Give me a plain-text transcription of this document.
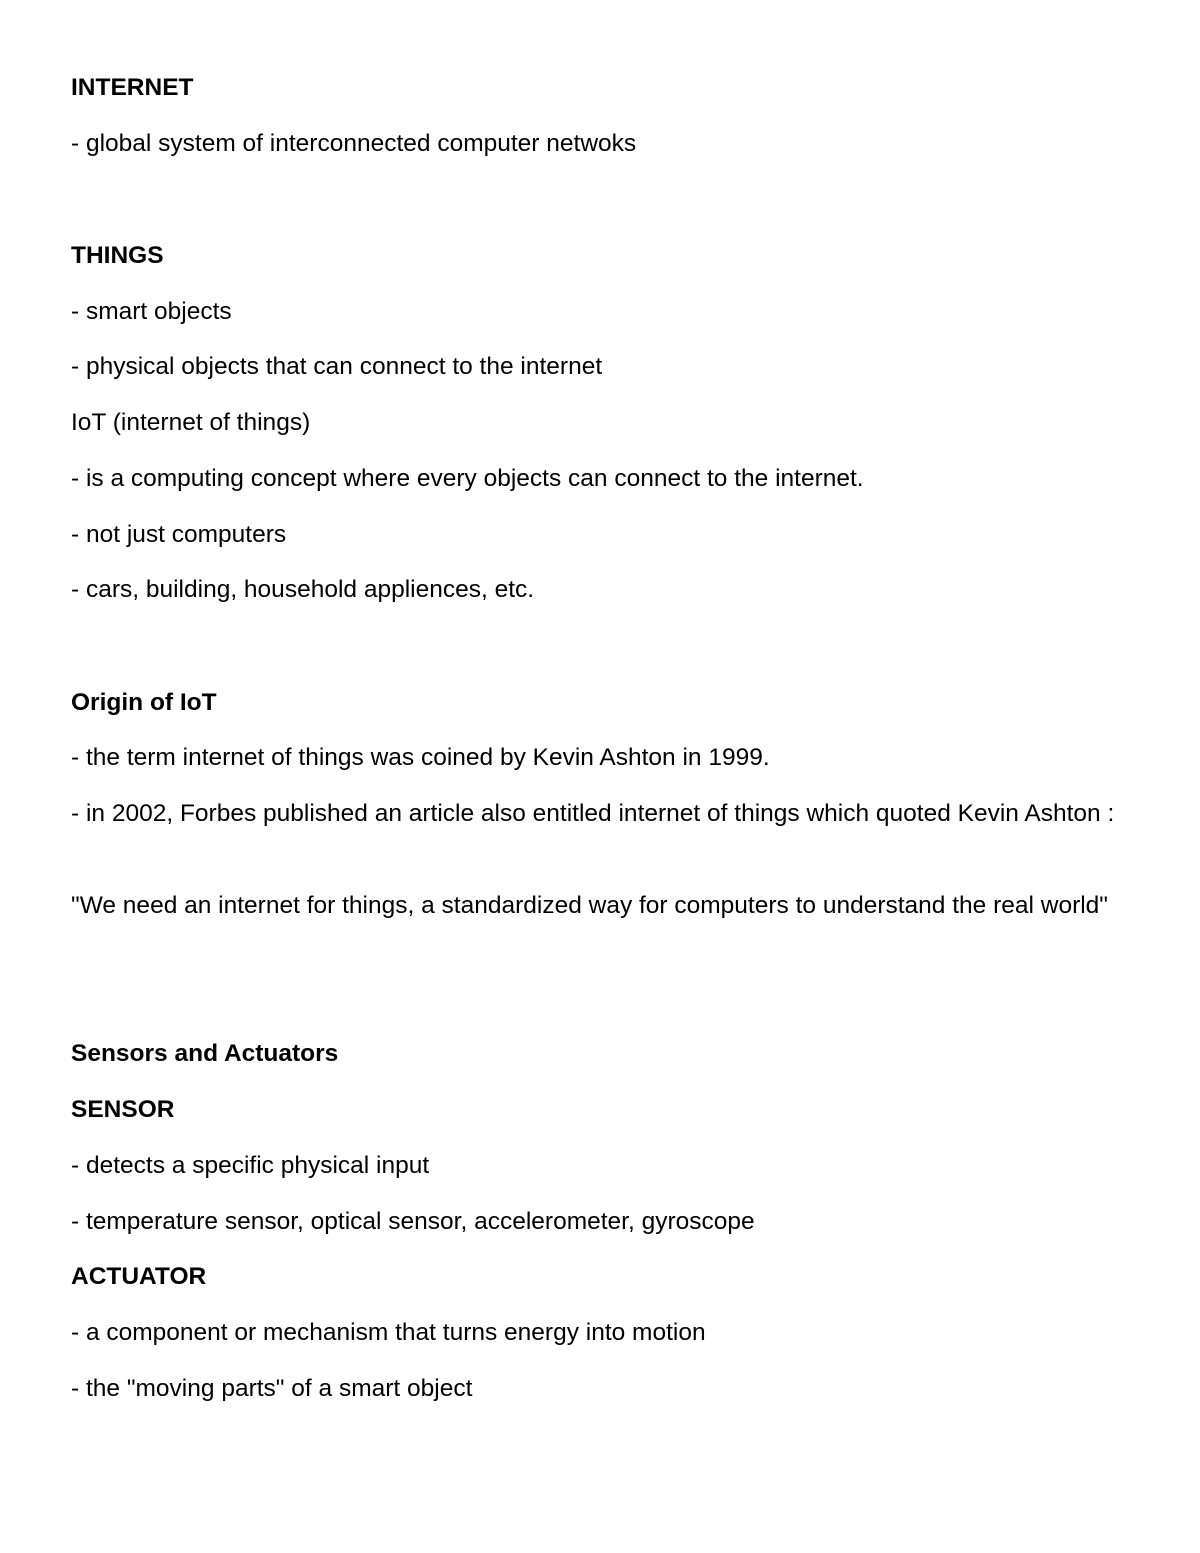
INTERNET
- global system of interconnected computer netwoks
THINGS
- smart objects
- physical objects that can connect to the internet
IoT (internet of things)
- is a computing concept where every objects can connect to the internet.
- not just computers
- cars, building, household appliences, etc.
Origin of IoT
- the term internet of things was coined by Kevin Ashton in 1999.
- in 2002, Forbes published an article also entitled internet of things which quoted Kevin Ashton :
"We need an internet for things, a standardized way for computers to understand the real world"
Sensors and Actuators
SENSOR
- detects a specific physical input
- temperature sensor, optical sensor, accelerometer, gyroscope
ACTUATOR
- a component or mechanism that turns energy into motion
- the "moving parts" of a smart object
